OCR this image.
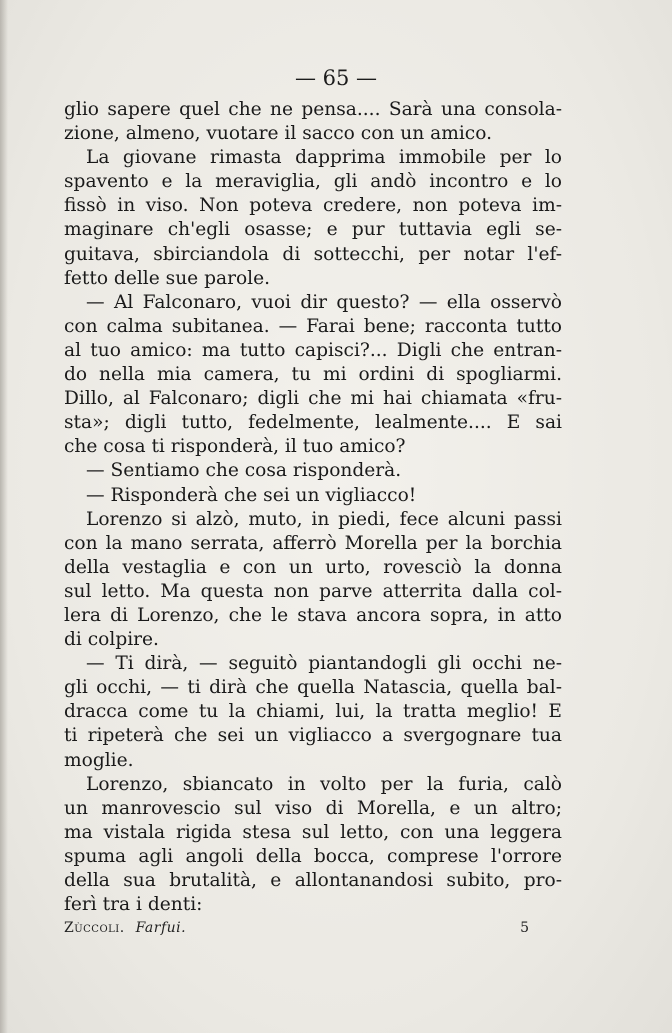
— 65 —

glio sapere quel che ne pensa.... Sarà una consola-
zione, almeno, vuotare il sacco con un amico.
La giovane rimasta dapprima immobile per lo
spavento e la meraviglia, gli andò incontro e lo
fissò in viso. Non poteva credere, non poteva im-
maginare ch'egli osasse; e pur tuttavia egli se-
guitava, sbirciandola di sottecchi, per notar l'ef-
fetto delle sue parole.
— Al Falconaro, vuoi dir questo? — ella osservò
con calma subitanea. — Farai bene; racconta tutto
al tuo amico: ma tutto capisci?... Digli che entran-
do nella mia camera, tu mi ordini di spogliarmi.
Dillo, al Falconaro; digli che mi hai chiamata «fru-
sta»; digli tutto, fedelmente, lealmente.... E sai
che cosa ti risponderà, il tuo amico?
— Sentiamo che cosa risponderà.
— Risponderà che sei un vigliacco!
Lorenzo si alzò, muto, in piedi, fece alcuni passi
con la mano serrata, afferrò Morella per la borchia
della vestaglia e con un urto, rovesciò la donna
sul letto. Ma questa non parve atterrita dalla col-
lera di Lorenzo, che le stava ancora sopra, in atto
di colpire.
— Ti dirà, — seguitò piantandogli gli occhi ne-
gli occhi, — ti dirà che quella Natascia, quella bal-
dracca come tu la chiami, lui, la tratta meglio! E
ti ripeterà che sei un vigliacco a svergognare tua
moglie.
Lorenzo, sbiancato in volto per la furia, calò
un manrovescio sul viso di Morella, e un altro;
ma vistala rigida stesa sul letto, con una leggera
spuma agli angoli della bocca, comprese l'orrore
della sua brutalità, e allontanandosi subito, pro-
ferì tra i denti:
Zùccoli. Farfui.	5
